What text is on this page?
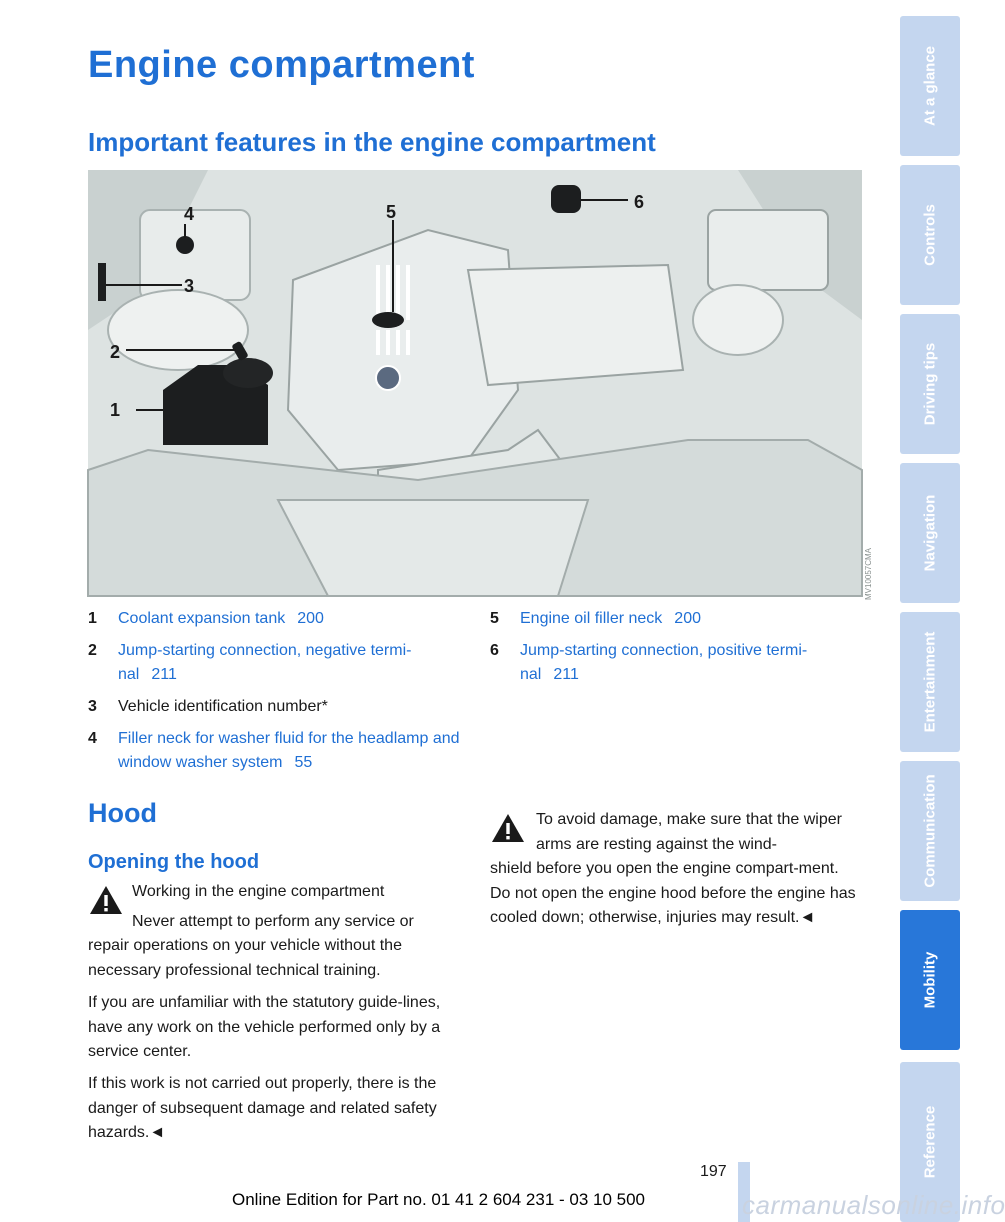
Engine compartment
Important features in the engine compartment
1
2
3
4	5	6
MV10057CMA
1 Coolant expansion tank 200
2 Jump-starting connection, negative termi-nal 211
3 Vehicle identification number*
4 Filler neck for washer fluid for the headlamp and window washer system 55
5 Engine oil filler neck 200
6 Jump-starting connection, positive termi-nal 211
Hood
Opening the hood
Working in the engine compartment
Never attempt to perform any service or
repair operations on your vehicle without the necessary professional technical training.
If you are unfamiliar with the statutory guide-lines, have any work on the vehicle performed only by a service center.
If this work is not carried out properly, there is the danger of subsequent damage and related safety hazards.◄
To avoid damage, make sure that the wiper arms are resting against the wind-
shield before you open the engine compart-ment. Do not open the engine hood before the engine has cooled down; otherwise, injuries may result.◄
At a glance
Controls
Driving tips
Navigation
Entertainment
Communication
Mobility
Reference
197
Online Edition for Part no. 01 41 2 604 231 - 03 10 500	carmanualsonline.info
